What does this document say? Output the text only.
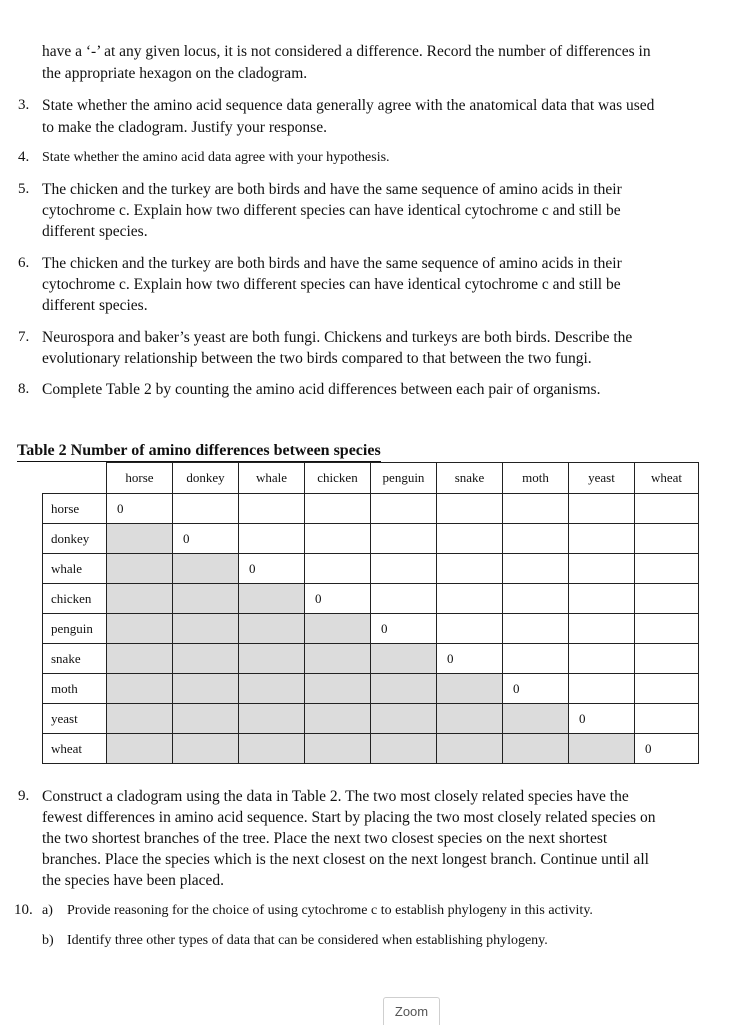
have a ‘-’ at any given locus, it is not considered a difference. Record the number of differences in
the appropriate hexagon on the cladogram.
3. State whether the amino acid sequence data generally agree with the anatomical data that was used
to make the cladogram. Justify your response.
4. State whether the amino acid data agree with your hypothesis.
5. The chicken and the turkey are both birds and have the same sequence of amino acids in their
cytochrome c. Explain how two different species can have identical cytochrome c and still be
different species.
6. The chicken and the turkey are both birds and have the same sequence of amino acids in their
cytochrome c. Explain how two different species can have identical cytochrome c and still be
different species.
7. Neurospora and baker’s yeast are both fungi. Chickens and turkeys are both birds. Describe the
evolutionary relationship between the two birds compared to that between the two fungi.
8. Complete Table 2 by counting the amino acid differences between each pair of organisms.
Table 2 Number of amino differences between species
	horse	donkey	whale	chicken	penguin	snake	moth	yeast	wheat
horse	0								
donkey		0							
whale			0						
chicken				0					
penguin					0				
snake						0			
moth							0		
yeast								0	
wheat									0
9. Construct a cladogram using the data in Table 2. The two most closely related species have the
fewest differences in amino acid sequence. Start by placing the two most closely related species on
the two shortest branches of the tree. Place the next two closest species on the next shortest
branches. Place the species which is the next closest on the next longest branch. Continue until all
the species have been placed.
10. a) Provide reasoning for the choice of using cytochrome c to establish phylogeny in this activity.
b) Identify three other types of data that can be considered when establishing phylogeny.
Zoom
